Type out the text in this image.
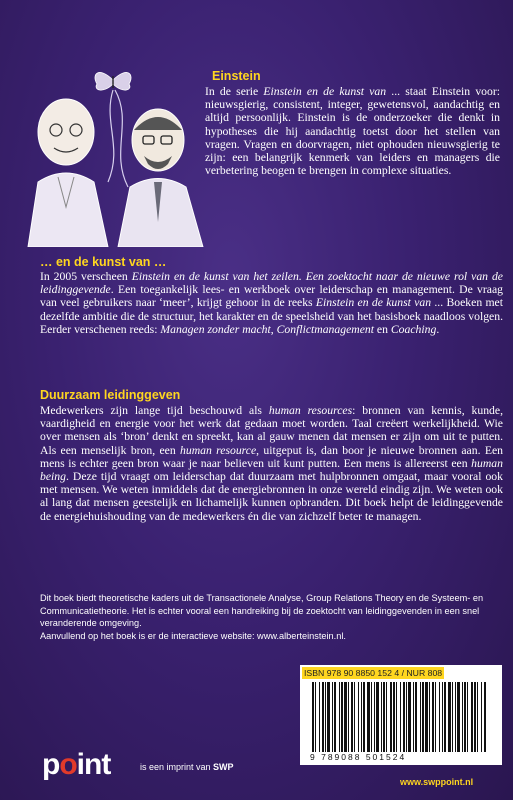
Einstein

In de serie Einstein en de kunst van ... staat Einstein voor: nieuwsgierig, consistent, integer, gewetensvol, aandachtig en altijd persoonlijk. Einstein is de onderzoeker die denkt in hypotheses die hij aandachtig toetst door het stellen van vragen. Vragen en doorvragen, niet ophouden nieuwsgierig te zijn: een belangrijk kenmerk van leiders en managers die verbetering beogen te brengen in complexe situaties.

… en de kunst van …
In 2005 verscheen Einstein en de kunst van het zeilen. Een zoektocht naar de nieuwe rol van de leidinggevende. Een toegankelijk lees- en werkboek over leiderschap en management. De vraag van veel gebruikers naar ‘meer’, krijgt gehoor in de reeks Einstein en de kunst van ... Boeken met dezelfde ambitie die de structuur, het karakter en de speelsheid van het basisboek naadloos volgen. Eerder verschenen reeds: Managen zonder macht, Conflictmanagement en Coaching.
Duurzaam leidinggeven
Medewerkers zijn lange tijd beschouwd als human resources: bronnen van kennis, kunde, vaardigheid en energie voor het werk dat gedaan moet worden. Taal creëert werkelijkheid. Wie over mensen als ‘bron’ denkt en spreekt, kan al gauw menen dat mensen er zijn om uit te putten. Als een menselijk bron, een human resource, uitgeput is, dan boor je nieuwe bronnen aan. Een mens is echter geen bron waar je naar believen uit kunt putten. Een mens is allereerst een human being. Deze tijd vraagt om leiderschap dat duurzaam met hulpbronnen omgaat, maar vooral ook met mensen. We weten inmiddels dat de energiebronnen in onze wereld eindig zijn. We weten ook al lang dat mensen geestelijk en lichamelijk kunnen opbranden. Dit boek helpt de leidinggevende de energiehuishouding van de medewerkers én die van zichzelf beter te managen.

Dit boek biedt theoretische kaders uit de Transactionele Analyse, Group Relations Theory en de Systeem- en Communicatietheorie. Het is echter vooral een handreiking bij de zoektocht van leidinggevenden in een snel veranderende omgeving.

Aanvullend op het boek is er de interactieve website: www.alberteinstein.nl.

ISBN 978 90 8850 152 4 / NUR 808
9 789088 501524
point	is een imprint van SWP
www.swppoint.nl
